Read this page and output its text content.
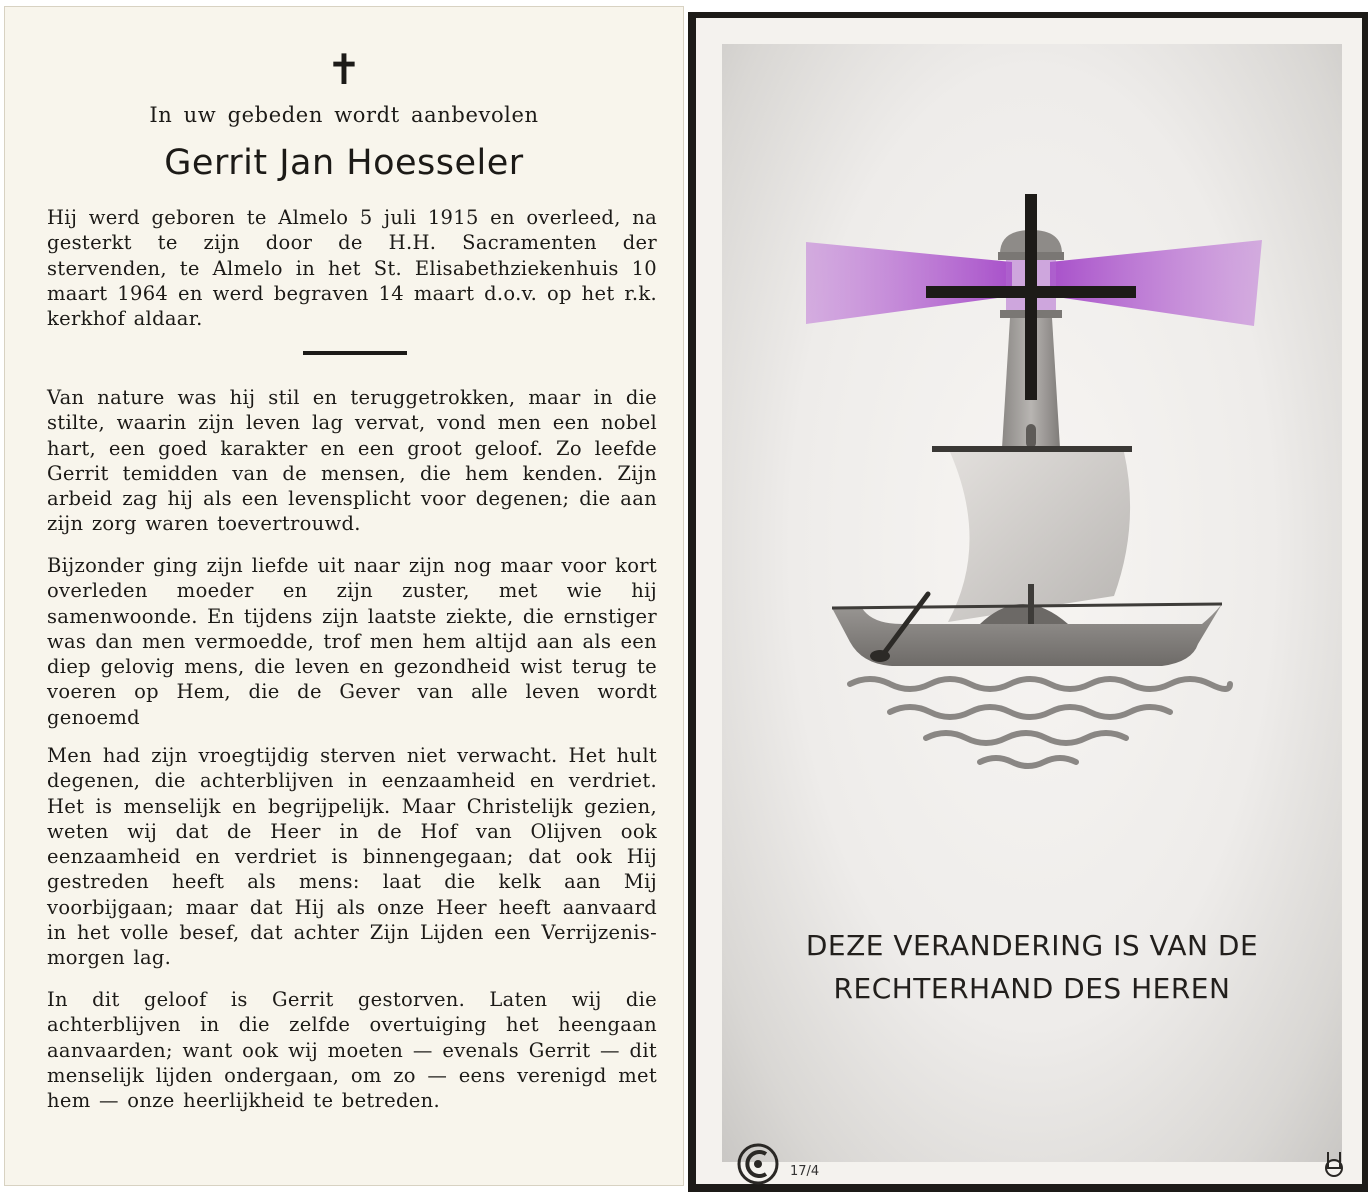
✝
In uw gebeden wordt aanbevolen
Gerrit Jan Hoesseler

Hij werd geboren te Almelo 5 juli 1915 en overleed, na gesterkt te zijn door de H.H. Sacramenten der stervenden, te Almelo in het St. Elisabethziekenhuis 10 maart 1964 en werd begraven 14 maart d.o.v. op het r.k. kerkhof aldaar.

Van nature was hij stil en teruggetrokken, maar in die stilte, waarin zijn leven lag vervat, vond men een nobel hart, een goed karakter en een groot geloof. Zo leefde Gerrit temidden van de mensen, die hem kenden. Zijn arbeid zag hij als een levensplicht voor degenen; die aan zijn zorg waren toevertrouwd.

Bijzonder ging zijn liefde uit naar zijn nog maar voor kort overleden moeder en zijn zuster, met wie hij samenwoonde. En tijdens zijn laatste ziekte, die ernstiger was dan men vermoedde, trof men hem altijd aan als een diep gelovig mens, die leven en gezondheid wist terug te voeren op Hem, die de Gever van alle leven wordt genoemd

Men had zijn vroegtijdig sterven niet verwacht. Het hult degenen, die achterblijven in eenzaamheid en verdriet. Het is menselijk en begrijpelijk. Maar Christelijk gezien, weten wij dat de Heer in de Hof van Olijven ook eenzaamheid en verdriet is binnengegaan; dat ook Hij gestreden heeft als mens: laat die kelk aan Mij voorbijgaan; maar dat Hij als onze Heer heeft aanvaard in het volle besef, dat achter Zijn Lijden een Verrijzenis-morgen lag.

In dit geloof is Gerrit gestorven. Laten wij die achterblijven in die zelfde overtuiging het heengaan aanvaarden; want ook wij moeten — evenals Gerrit — dit menselijk lijden ondergaan, om zo — eens verenigd met hem — onze heerlijkheid te betreden.

DEZE VERANDERING IS VAN DE
RECHTERHAND DES HEREN
17/4
